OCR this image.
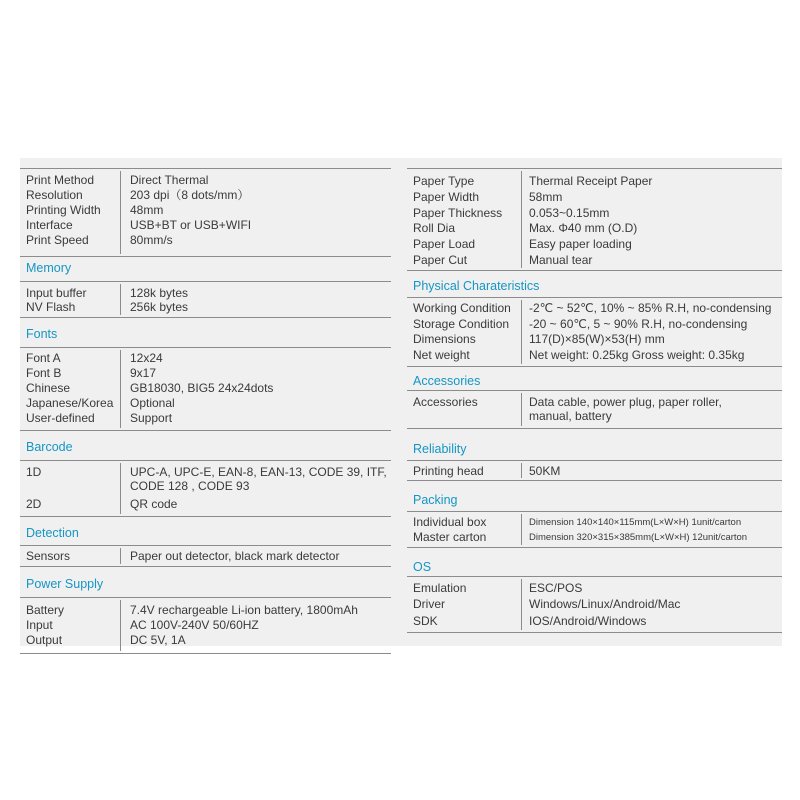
Print Method	Direct Thermal
Resolution	203 dpi（8 dots/mm）
Printing Width 48mm
Interface	USB+BT or USB+WIFI
Print Speed	80mm/s
Memory
Input buffer	128k bytes
NV Flash	256k bytes
Fonts
Font A	12x24
Font B	9x17
Chinese	GB18030, BIG5 24x24dots
Japanese/Korea Optional
User-defined	Support
Barcode
1D	UPC-A, UPC-E, EAN-8, EAN-13, CODE 39, ITF,
CODE 128 , CODE 93
2D	QR code
Detection
Sensors	Paper out detector, black mark detector
Power Supply
Battery	7.4V rechargeable Li-ion battery, 1800mAh
Input	AC 100V-240V 50/60HZ
Output	DC 5V, 1A
Paper Type	Thermal Receipt Paper
Paper Width	58mm
Paper Thickness 0.053~0.15mm
Roll Dia	Max. Φ40 mm (O.D)
Paper Load	Easy paper loading
Paper Cut	Manual tear
Physical Charateristics
Working Condition -2℃ ~ 52℃, 10% ~ 85% R.H, no-condensing
Storage Condition -20 ~ 60℃, 5 ~ 90% R.H, no-condensing
Dimensions	117(D)×85(W)×53(H) mm
Net weight	Net weight: 0.25kg Gross weight: 0.35kg
Accessories
Accessories	Data cable, power plug, paper roller,
manual, battery
Reliability
Printing head	50KM
Packing
Individual box	Dimension 140×140×115mm(L×W×H) 1unit/carton
Master carton	Dimension 320×315×385mm(L×W×H) 12unit/carton
OS
Emulation	ESC/POS
Driver	Windows/Linux/Android/Mac
SDK	IOS/Android/Windows
